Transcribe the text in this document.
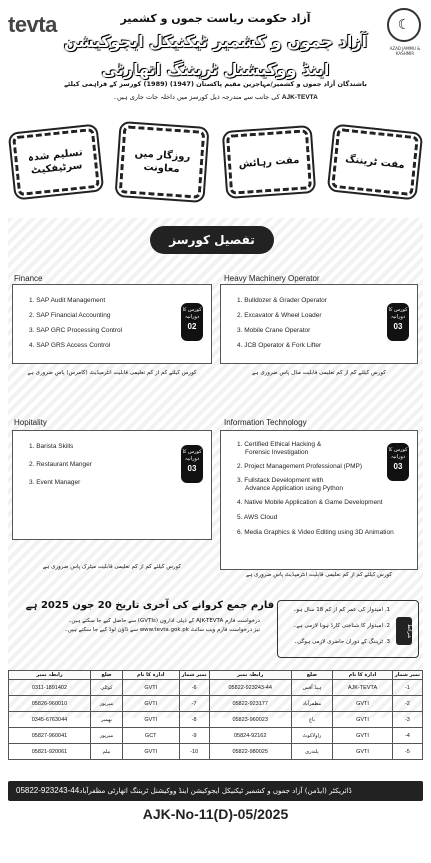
tevta	☾
AZAD JAMMU & KASHMIR
آزاد حکومت ریاست جموں و کشمیر
آزاد جموں و کشمیر ٹیکنیکل ایجوکیشن اینڈ ووکیشنل ٹریننگ اتھارٹی
باشندگان آزاد جموں و کشمیر/مہاجرین مقیم پاکستان (1947) (1989) کورسز کے فراہمی کیلئے
AJK-TEVTA کی جانب سے مندرجہ ذیل کورسز میں داخلہ جات جاری ہیں۔
تسلیم شدہ سرٹیفکیٹ
روزگار میں معاونت	مفت رہائش	مفت ٹریننگ
تفصیل کورسز
Finance
1. SAP Audit Management
2. SAP Financial Accounting
3. SAP GRC Processing Control
4. SAP GRS Access Control
کورس کا دورانیہ
02
کورس کیلئے کم از کم تعلیمی قابلیت انٹرمیڈیٹ (کامرس) پاس ضروری ہے
Heavy Machinery Operator
1. Bulldozer & Grader Operator
2. Excavator & Wheel Loader
3. Mobile Crane Operator
4. JCB Operator & Fork Lifter
کورس کا دورانیہ
03
کورس کیلئے کم از کم تعلیمی قابلیت مڈل پاس ضروری ہے
Hopitality
1. Barista Skills
2. Restaurant Manger
3. Event Manager
کورس کا دورانیہ
03
کورس کیلئے کم از کم تعلیمی قابلیت میٹرک پاس ضروری ہے
Information Technology
1. Certified Ethical Hacking &
Forensic Investigation
2. Project Management Professional (PMP)
3. Fullstack Development with
Advance Application using Python
4. Native Mobile Application & Game Development
5. AWS Cloud
6. Media Graphics & Video Editing using 3D Animation
کورس کا دورانیہ
03
کورس کیلئے کم از کم تعلیمی قابلیت انٹرمیڈیٹ پاس ضروری ہے
فارم جمع کروانے کی آخری تاریخ 20 جون 2025 ہے
درخواست فارم AJK-TEVTA کے ذیلی اداروں (GVTIs) سے حاصل کیے جا سکتے ہیں۔
نیز درخواست فارم ویب سائٹ www.tevta.gok.pk سے ڈاؤن لوڈ کیے جا سکتے ہیں۔	شرائط
1. امیدوار کی عمر کم از کم 18 سال ہو۔
2. امیدوار کا شناختی کارڈ ہونا لازمی ہے۔
3. ٹریننگ کے دوران حاضری لازمی ہوگی۔
رابطہ نمبر	ضلع	ادارہ کا نام	نمبر شمار	رابطہ نمبر	ضلع	ادارہ کا نام	نمبر شمار
0311-1891402	کوٹلی	GVTI	-6	05822-923243-44	ہیڈ آفس	AJK-TEVTA	-1
05826-960010	میرپور	GVTI	-7	05822-923177	مظفرآباد	GVTI	-2
0345-6763044	بھمبر	GVTI	-8	05823-960023	باغ	GVTI	-3
05827-960041	میرپور	GCT	-9	05824-92162	راولاکوٹ	GVTI	-4
05821-920061	نیلم	GVTI	-10	05822-980025	پلندری	GVTI	-5
ڈائریکٹر (ایڈمن) آزاد جموں و کشمیر ٹیکنیکل ایجوکیشن اینڈ ووکیشنل ٹریننگ اتھارٹی مظفرآباد
05822-923243-44
AJK-No-11(D)-05/2025
